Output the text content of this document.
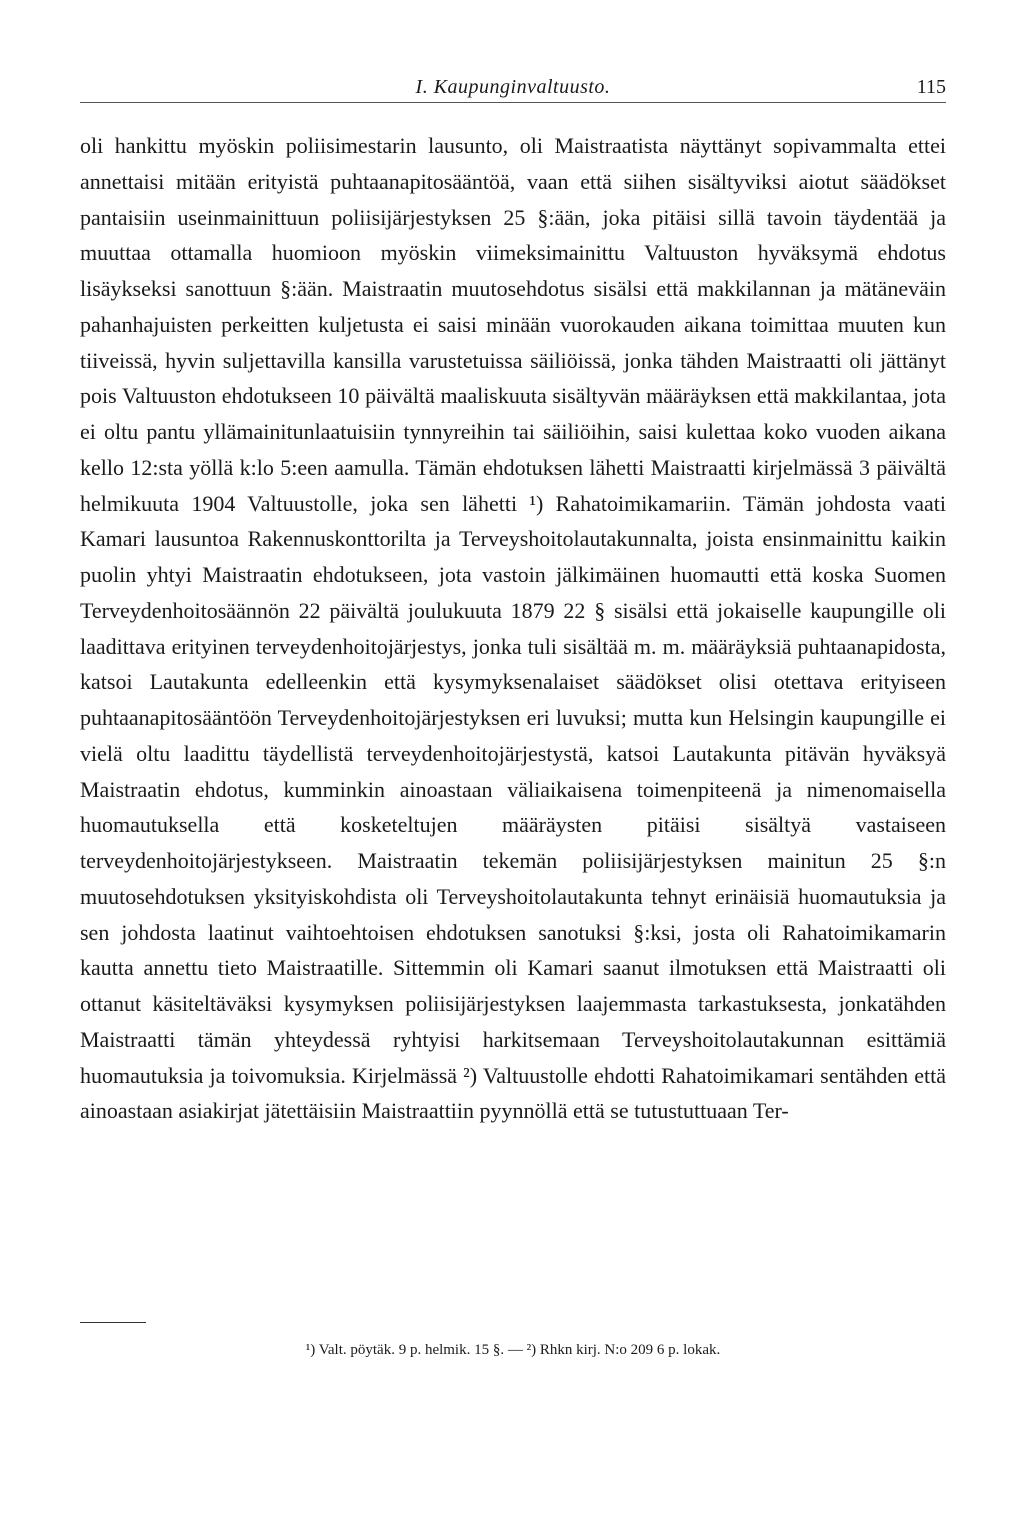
I. Kaupunginvaltuusto.	115

oli hankittu myöskin poliisimestarin lausunto, oli Maistraatista näyttänyt sopivammalta ettei annettaisi mitään erityistä puhtaanapitosääntöä, vaan että siihen sisältyviksi aiotut säädökset pantaisiin useinmainittuun poliisijärjestyksen 25 §:ään, joka pitäisi sillä tavoin täydentää ja muuttaa ottamalla huomioon myöskin viimeksimainittu Valtuuston hyväksymä ehdotus lisäykseksi sanottuun §:ään. Maistraatin muutosehdotus sisälsi että makkilannan ja mätäneväin pahanhajuisten perkeitten kuljetusta ei saisi minään vuorokauden aikana toimittaa muuten kun tiiveissä, hyvin suljettavilla kansilla varustetuissa säiliöissä, jonka tähden Maistraatti oli jättänyt pois Valtuuston ehdotukseen 10 päivältä maaliskuuta sisältyvän määräyksen että makkilantaa, jota ei oltu pantu yllämainitunlaatuisiin tynnyreihin tai säiliöihin, saisi kulettaa koko vuoden aikana kello 12:sta yöllä k:lo 5:een aamulla. Tämän ehdotuksen lähetti Maistraatti kirjelmässä 3 päivältä helmikuuta 1904 Valtuustolle, joka sen lähetti ¹) Rahatoimikamariin. Tämän johdosta vaati Kamari lausuntoa Rakennuskonttorilta ja Terveyshoitolautakunnalta, joista ensinmainittu kaikin puolin yhtyi Maistraatin ehdotukseen, jota vastoin jälkimäinen huomautti että koska Suomen Terveydenhoitosäännön 22 päivältä joulukuuta 1879 22 § sisälsi että jokaiselle kaupungille oli laadittava erityinen terveydenhoitojärjestys, jonka tuli sisältää m. m. määräyksiä puhtaanapidosta, katsoi Lautakunta edelleenkin että kysymyksenalaiset säädökset olisi otettava erityiseen puhtaanapitosääntöön Terveydenhoitojärjestyksen eri luvuksi; mutta kun Helsingin kaupungille ei vielä oltu laadittu täydellistä terveydenhoitojärjestystä, katsoi Lautakunta pitävän hyväksyä Maistraatin ehdotus, kumminkin ainoastaan väliaikaisena toimenpiteenä ja nimenomaisella huomautuksella että kosketeltujen määräysten pitäisi sisältyä vastaiseen terveydenhoitojärjestykseen. Maistraatin tekemän poliisijärjestyksen mainitun 25 §:n muutosehdotuksen yksityiskohdista oli Terveyshoitolautakunta tehnyt erinäisiä huomautuksia ja sen johdosta laatinut vaihtoehtoisen ehdotuksen sanotuksi §:ksi, josta oli Rahatoimikamarin kautta annettu tieto Maistraatille. Sittemmin oli Kamari saanut ilmotuksen että Maistraatti oli ottanut käsiteltäväksi kysymyksen poliisijärjestyksen laajemmasta tarkastuksesta, jonkatähden Maistraatti tämän yhteydessä ryhtyisi harkitsemaan Terveyshoitolautakunnan esittämiä huomautuksia ja toivomuksia. Kirjelmässä ²) Valtuustolle ehdotti Rahatoimikamari sentähden että ainoastaan asiakirjat jätettäisiin Maistraattiin pyynnöllä että se tutustuttuaan Ter-

¹) Valt. pöytäk. 9 p. helmik. 15 §. — ²) Rhkn kirj. N:o 209 6 p. lokak.
